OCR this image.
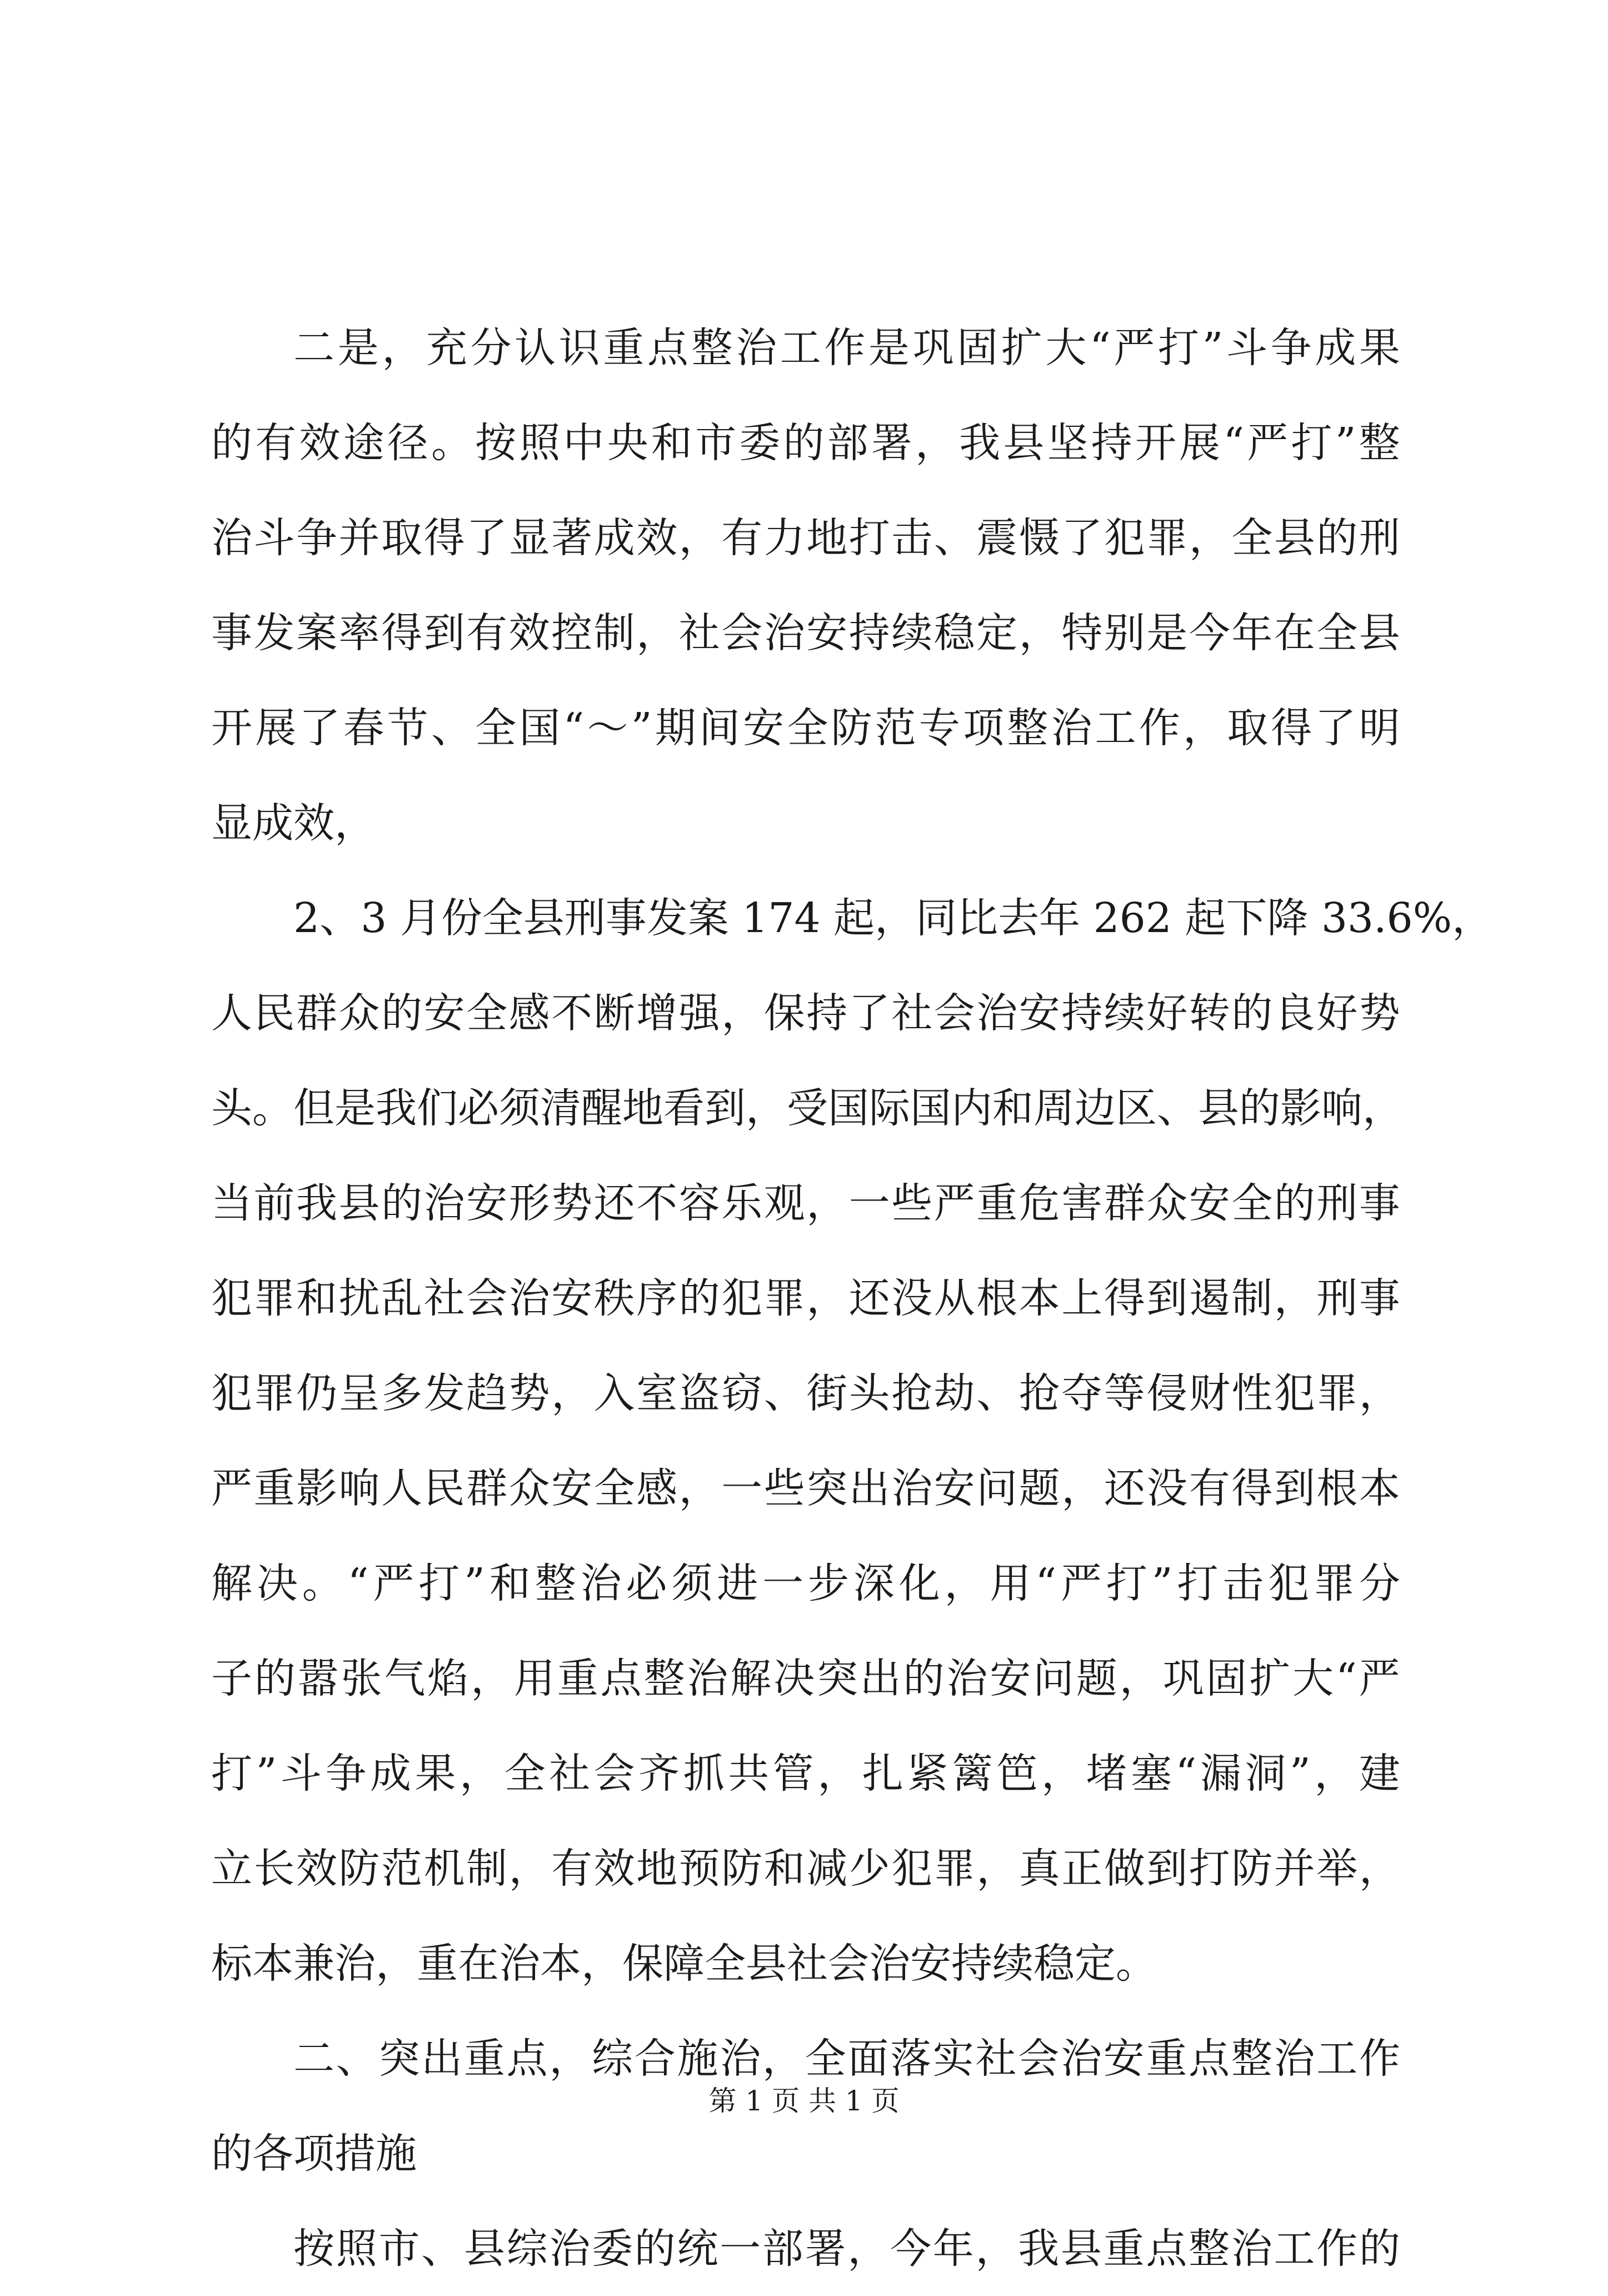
二 是 ， 充 分 认 识 重 点 整 治 工 作 是 巩 固 扩 大 “ 严 打 ” 斗 争 成 果
的 有 效 途 径 。 按 照 中 央 和 市 委 的 部 署 ， 我 县 坚 持 开 展 “ 严 打 ” 整
治 斗 争 并 取 得 了 显 著 成 效 ， 有 力 地 打 击 、 震 慑 了 犯 罪 ， 全 县 的 刑
事 发 案 率 得 到 有 效 控 制 ， 社 会 治 安 持 续 稳 定 ， 特 别 是 今 年 在 全 县
开 展 了 春 节 、 全 国 “ ～ ” 期 间 安 全 防 范 专 项 整 治 工 作 ， 取 得 了 明
显成效，
2 、 3
月 份 全 县 刑 事 发 案
1 7 4
起 ， 同 比 去 年
2 6 2
起 下 降
3 3 . 6 % ，
人 民 群 众 的 安 全 感 不 断 增 强 ， 保 持 了 社 会 治 安 持 续 好 转 的 良 好 势
头 。 但 是 我 们 必 须 清 醒 地 看 到 ， 受 国 际 国 内 和 周 边 区 、 县 的 影 响 ，
当 前 我 县 的 治 安 形 势 还 不 容 乐 观 ， 一 些 严 重 危 害 群 众 安 全 的 刑 事
犯 罪 和 扰 乱 社 会 治 安 秩 序 的 犯 罪 ， 还 没 从 根 本 上 得 到 遏 制 ， 刑 事
犯 罪 仍 呈 多 发 趋 势 ， 入 室 盗 窃 、 街 头 抢 劫 、 抢 夺 等 侵 财 性 犯 罪 ，
严 重 影 响 人 民 群 众 安 全 感 ， 一 些 突 出 治 安 问 题 ， 还 没 有 得 到 根 本
解 决 。 “ 严 打 ” 和 整 治 必 须 进 一 步 深 化 ， 用 “ 严 打 ” 打 击 犯 罪 分
子 的 嚣 张 气 焰 ， 用 重 点 整 治 解 决 突 出 的 治 安 问 题 ， 巩 固 扩 大 “ 严
打 ” 斗 争 成 果 ， 全 社 会 齐 抓 共 管 ， 扎 紧 篱 笆 ， 堵 塞 “ 漏 洞 ” ， 建
立 长 效 防 范 机 制 ， 有 效 地 预 防 和 减 少 犯 罪 ， 真 正 做 到 打 防 并 举 ，
标本兼治，重在治本，保障全县社会治安持续稳定。
二 、 突 出 重 点 ， 综 合 施 治 ， 全 面 落 实 社 会 治 安 重 点 整 治 工 作
的各项措施
按 照 市 、 县 综 治 委 的 统 一 部 署 ， 今 年 ， 我 县 重 点 整 治 工 作 的
第 1 页 共 1 页
